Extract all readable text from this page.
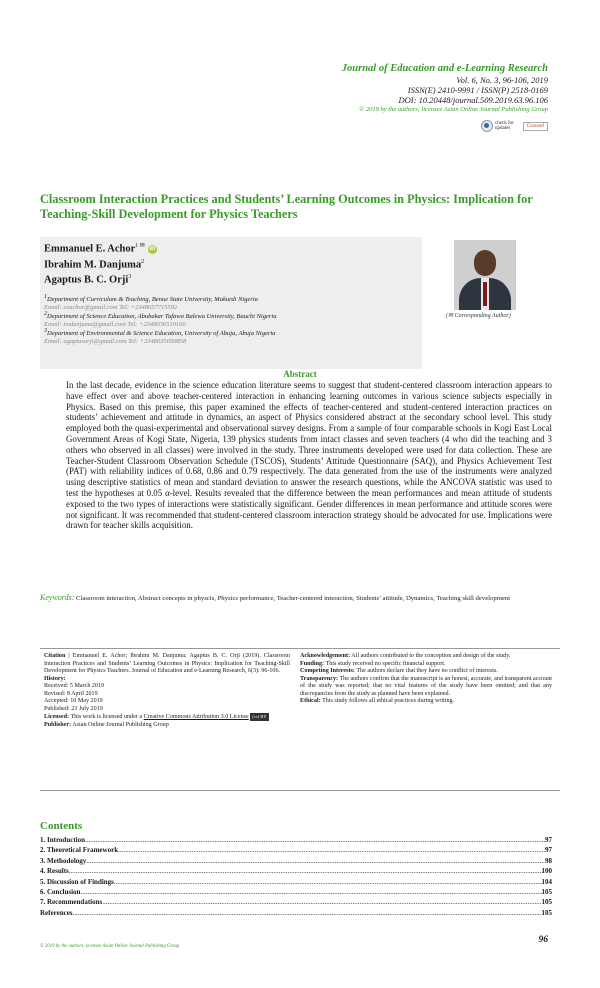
Journal of Education and e-Learning Research
Vol. 6, No. 3, 96-106, 2019
ISSN(E) 2410-9991 / ISSN(P) 2518-0169
DOI: 10.20448/journal.509.2019.63.96.106
© 2019 by the authors; licensee Asian Online Journal Publishing Group
check for updates	Crossref
Classroom Interaction Practices and Students’ Learning Outcomes in Physics: Implication for Teaching-Skill Development for Physics Teachers
Emmanuel E. Achor$^{1 ✉}$ iD
Ibrahim M. Danjuma$^2$
Agaptus B. C. Orji$^3$
1Department of Curriculum & Teaching, Benue State University, Makurdi Nigeria
Email: eeachor@gmail.com Tel: +2348057715592
2Department of Science Education, Abubakar Tafawa Balewa University, Bauchi Nigeria
Email: imdanjuma@gmail.com Tel: +2348036510160
3Department of Environmental & Science Education, University of Abuja, Abuja Nigeria
Email: agaptusorji@gmail.com Tel: +2348035099858
(✉ Corresponding Author)
Abstract
In the last decade, evidence in the science education literature seems to suggest that student-centered classroom interaction appears to have effect over and above teacher-centered interaction in enhancing learning outcomes in various science subjects especially in Physics. Based on this premise, this paper examined the effects of teacher-centered and student-centered interaction practices on students’ achievement and attitude in dynamics, an aspect of Physics considered abstract at the secondary school level. This study employed both the quasi-experimental and observational survey designs. From a sample of four comparable schools in Kogi East Local Government Areas of Kogi State, Nigeria, 139 physics students from intact classes and seven teachers (4 who did the teaching and 3 others who observed in all classes) were involved in the study. Three instruments developed were used for data collection. These are Teacher-Student Classroom Observation Schedule (TSCOS), Students’ Attitude Questionnaire (SAQ), and Physics Achievement Test (PAT) with reliability indices of 0.68, 0.86 and 0.79 respectively. The data generated from the use of the instruments were analyzed using descriptive statistics of mean and standard deviation to answer the research questions, while the ANCOVA statistic was used to test the hypotheses at 0.05 α-level. Results revealed that the difference between the mean performances and mean attitude of students exposed to the two types of interactions were statistically significant. Gender differences in mean performance and attitude scores were not significant. It was recommended that student-centered classroom interaction strategy should be advocated for use. Implications were drawn for teacher skills acquisition.
Keywords: Classroom interaction, Abstract concepts in physcis, Physics performance, Teacher-centered interaction, Students’ attitude, Dynamics, Teaching skill development
Citation | Emmanuel E. Achor; Ibrahim M. Danjuma; Agaptus B. C. Orji (2019). Classroom Interaction Practices and Students’ Learning Outcomes in Physics: Implication for Teaching-Skill Development for Physics Teachers. Journal of Education and e-Learning Research, 6(3): 96-106.
History:
Received: 5 March 2019
Revised: 8 April 2019
Accepted: 10 May 2019
Published: 23 July 2019
Licensed: This work is licensed under a Creative Commons Attribution 3.0 License (cc) BY
Publisher: Asian Online Journal Publishing Group
Acknowledgement: All authors contributed to the conception and design of the study.
Funding: This study received no specific financial support.
Competing Interests: The authors declare that they have no conflict of interests.
Transparency: The authors confirm that the manuscript is an honest, accurate, and transparent account of the study was reported; that no vital features of the study have been omitted; and that any discrepancies from the study as planned have been explained.
Ethical: This study follows all ethical practices during writing.
Contents
1. Introduction .....	97
2. Theoretical Framework .....	97
3. Methodology .....	98
4. Results .....	100
5. Discussion of Findings .....	104
6. Conclusion .....	105
7. Recommendations .....	105
References .....	105
96
© 2019 by the authors; licensee Asian Online Journal Publishing Group
